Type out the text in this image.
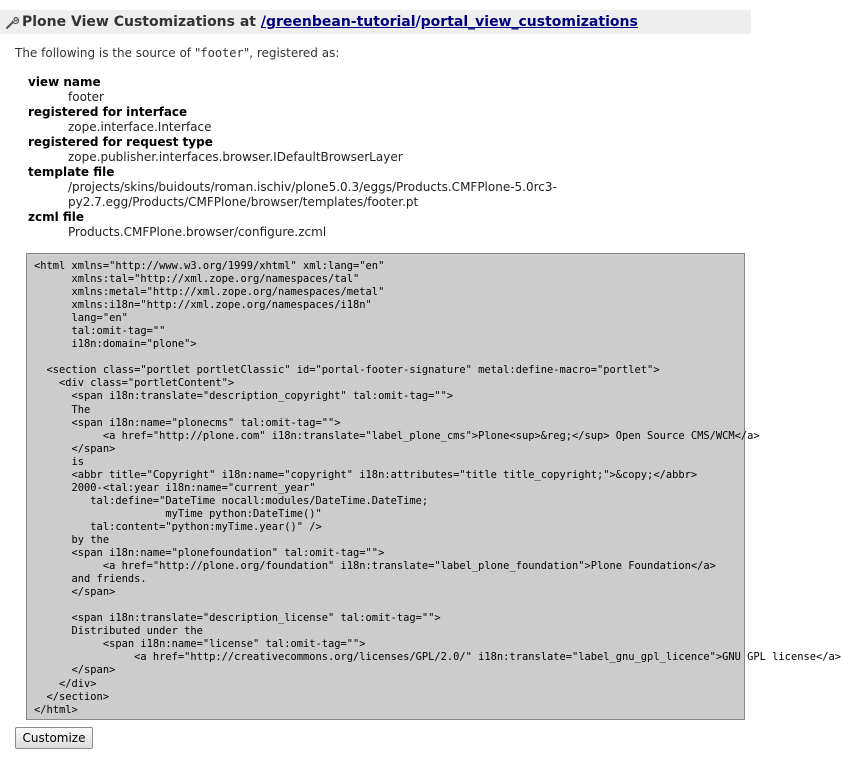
Plone View Customizations at /greenbean-tutorial/portal_view_customizations
The following is the source of "footer", registered as:
view name
footer
registered for interface
zope.interface.Interface
registered for request type
zope.publisher.interfaces.browser.IDefaultBrowserLayer
template file
/projects/skins/buidouts/roman.ischiv/plone5.0.3/eggs/Products.CMFPlone-5.0rc3-
py2.7.egg/Products/CMFPlone/browser/templates/footer.pt
zcml file
Products.CMFPlone.browser/configure.zcml
<html xmlns="http://www.w3.org/1999/xhtml" xml:lang="en"
xmlns:tal="http://xml.zope.org/namespaces/tal"
xmlns:metal="http://xml.zope.org/namespaces/metal"
xmlns:i18n="http://xml.zope.org/namespaces/i18n"
lang="en"
tal:omit-tag=""
i18n:domain="plone">

<section class="portlet portletClassic" id="portal-footer-signature" metal:define-macro="portlet">
<div class="portletContent">
<span i18n:translate="description_copyright" tal:omit-tag="">
The
<span i18n:name="plonecms" tal:omit-tag="">
<a href="http://plone.com" i18n:translate="label_plone_cms">Plone<sup>&reg;</sup> Open Source CMS/WCM</a>
</span>
is
<abbr title="Copyright" i18n:name="copyright" i18n:attributes="title title_copyright;">&copy;</abbr>
2000-<tal:year i18n:name="current_year"
tal:define="DateTime nocall:modules/DateTime.DateTime;
myTime python:DateTime()"
tal:content="python:myTime.year()" />
by the
<span i18n:name="plonefoundation" tal:omit-tag="">
<a href="http://plone.org/foundation" i18n:translate="label_plone_foundation">Plone Foundation</a>
and friends.
</span>

<span i18n:translate="description_license" tal:omit-tag="">
Distributed under the
<span i18n:name="license" tal:omit-tag="">
<a href="http://creativecommons.org/licenses/GPL/2.0/" i18n:translate="label_gnu_gpl_licence">GNU GPL license</a>
</span>
</div>
</section>
</html>

Customize
